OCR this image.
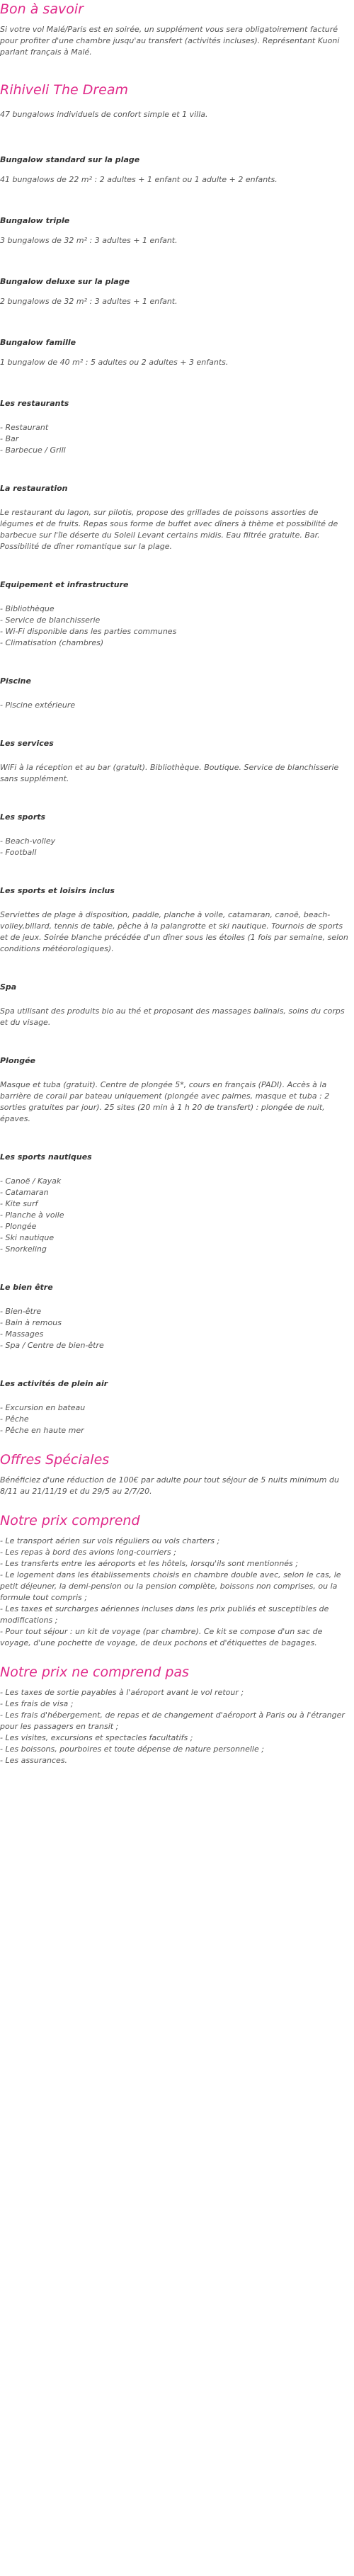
Bon à savoir

Si votre vol Malé/Paris est en soirée, un supplément vous sera obligatoirement facturé pour profiter d'une chambre jusqu'au transfert (activités incluses). Représentant Kuoni parlant français à Malé.

Rihiveli The Dream

47 bungalows individuels de confort simple et 1 villa.

Bungalow standard sur la plage

41 bungalows de 22 m² : 2 adultes + 1 enfant ou 1 adulte + 2 enfants.

Bungalow triple

3 bungalows de 32 m² : 3 adultes + 1 enfant.

Bungalow deluxe sur la plage

2 bungalows de 32 m² : 3 adultes + 1 enfant.

Bungalow famille

1 bungalow de 40 m² : 5 adultes ou 2 adultes + 3 enfants.

Les restaurants
- Restaurant
- Bar
- Barbecue / Grill
La restauration

Le restaurant du lagon, sur pilotis, propose des grillades de poissons assorties de légumes et de fruits. Repas sous forme de buffet avec dîners à thème et possibilité de barbecue sur l'île déserte du Soleil Levant certains midis. Eau filtrée gratuite. Bar. Possibilité de dîner romantique sur la plage.

Equipement et infrastructure
- Bibliothèque
- Service de blanchisserie
- Wi-Fi disponible dans les parties communes
- Climatisation (chambres)
Piscine
- Piscine extérieure
Les services

WiFi à la réception et au bar (gratuit). Bibliothèque. Boutique. Service de blanchisserie sans supplément.

Les sports
- Beach-volley
- Football
Les sports et loisirs inclus

Serviettes de plage à disposition, paddle, planche à voile, catamaran, canoë, beach-volley,billard, tennis de table, pêche à la palangrotte et ski nautique. Tournois de sports et de jeux. Soirée blanche précédée d'un dîner sous les étoiles (1 fois par semaine, selon conditions météorologiques).

Spa

Spa utilisant des produits bio au thé et proposant des massages balinais, soins du corps et du visage.

Plongée

Masque et tuba (gratuit). Centre de plongée 5*, cours en français (PADI). Accès à la barrière de corail par bateau uniquement (plongée avec palmes, masque et tuba : 2 sorties gratuites par jour). 25 sites (20 min à 1 h 20 de transfert) : plongée de nuit, épaves.

Les sports nautiques
- Canoë / Kayak
- Catamaran
- Kite surf
- Planche à voile
- Plongée
- Ski nautique
- Snorkeling
Le bien être
- Bien-être
- Bain à remous
- Massages
- Spa / Centre de bien-être
Les activités de plein air
- Excursion en bateau
- Pêche
- Pêche en haute mer
Offres Spéciales

Bénéficiez d'une réduction de 100€ par adulte pour tout séjour de 5 nuits minimum du 8/11 au 21/11/19 et du 29/5 au 2/7/20.

Notre prix comprend
- Le transport aérien sur vols réguliers ou vols charters ;
- Les repas à bord des avions long-courriers ;
- Les transferts entre les aéroports et les hôtels, lorsqu'ils sont mentionnés ;
- Le logement dans les établissements choisis en chambre double avec, selon le cas, le petit déjeuner, la demi-pension ou la pension complète, boissons non comprises, ou la formule tout compris ;
- Les taxes et surcharges aériennes incluses dans les prix publiés et susceptibles de modifications ;
- Pour tout séjour : un kit de voyage (par chambre). Ce kit se compose d'un sac de voyage, d'une pochette de voyage, de deux pochons et d'étiquettes de bagages.
Notre prix ne comprend pas
- Les taxes de sortie payables à l'aéroport avant le vol retour ;
- Les frais de visa ;
- Les frais d'hébergement, de repas et de changement d'aéroport à Paris ou à l'étranger pour les passagers en transit ;
- Les visites, excursions et spectacles facultatifs ;
- Les boissons, pourboires et toute dépense de nature personnelle ;
- Les assurances.
